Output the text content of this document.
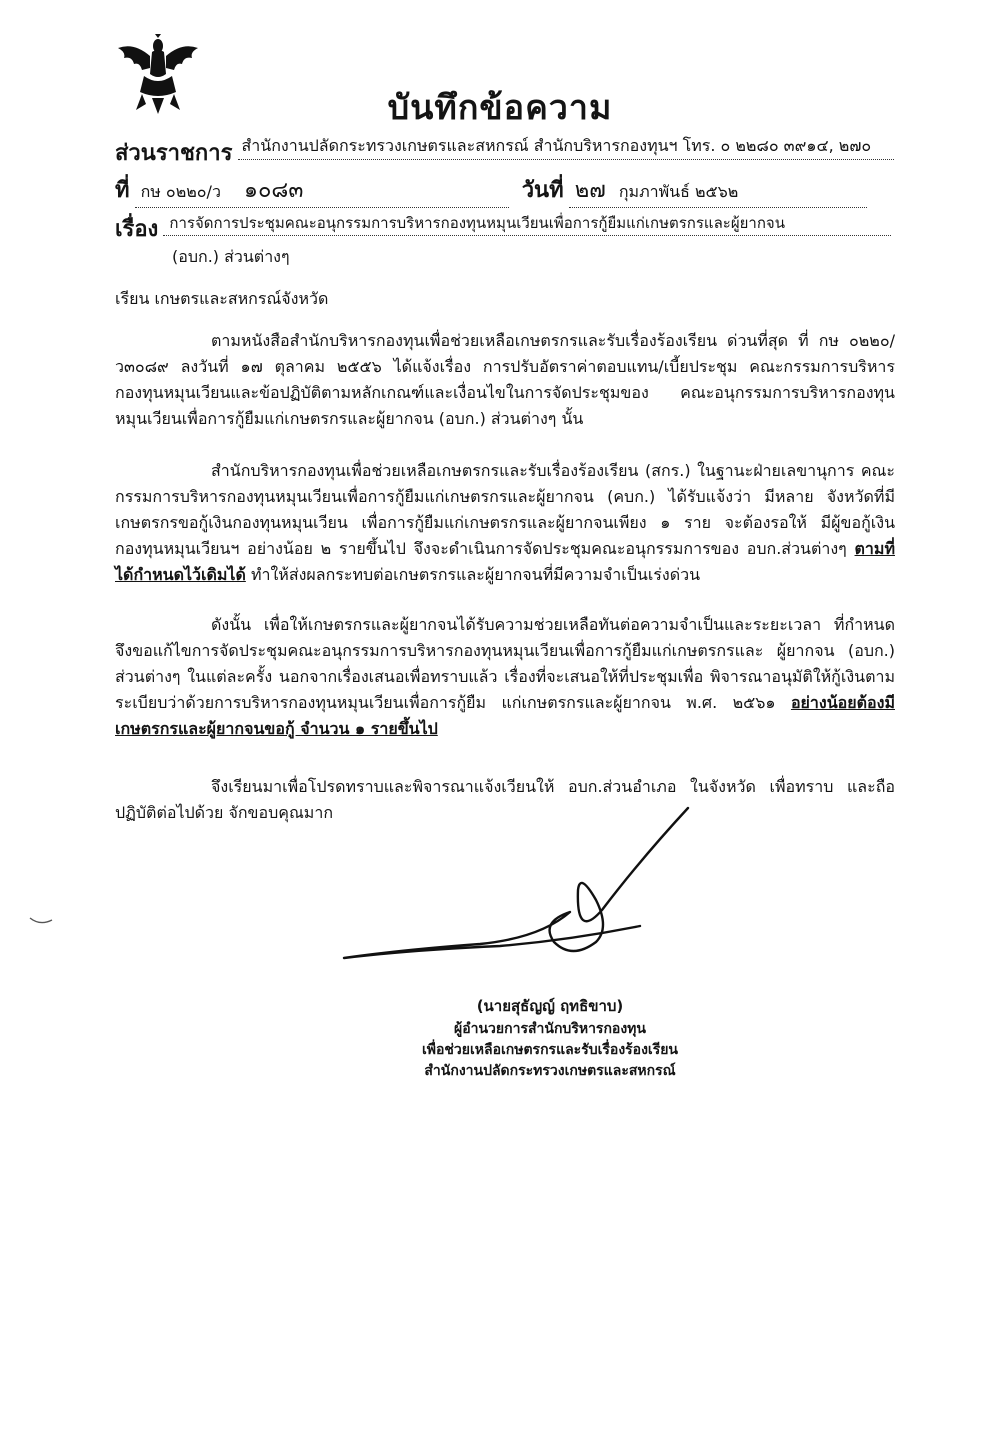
บันทึกข้อความ
ส่วนราชการ สำนักงานปลัดกระทรวงเกษตรและสหกรณ์ สำนักบริหารกองทุนฯ โทร. ๐ ๒๒๘๐ ๓๙๑๔, ๒๗๐
ที่ กษ ๐๒๒๐/ว ๑๐๘๓	วันที่ ๒๗ กุมภาพันธ์ ๒๕๖๒
เรื่อง การจัดการประชุมคณะอนุกรรมการบริหารกองทุนหมุนเวียนเพื่อการกู้ยืมแก่เกษตรกรและผู้ยากจน
(อบก.) ส่วนต่างๆ
เรียน เกษตรและสหกรณ์จังหวัด
ตามหนังสือสำนักบริหารกองทุนเพื่อช่วยเหลือเกษตรกรและรับเรื่องร้องเรียน ด่วนที่สุด ที่ กษ ๐๒๒๐/ว๓๐๘๙ ลงวันที่ ๑๗ ตุลาคม ๒๕๕๖ ได้แจ้งเรื่อง การปรับอัตราค่าตอบแทน/เบี้ยประชุม คณะกรรมการบริหารกองทุนหมุนเวียนและข้อปฏิบัติตามหลักเกณฑ์และเงื่อนไขในการจัดประชุมของ คณะอนุกรรมการบริหารกองทุนหมุนเวียนเพื่อการกู้ยืมแก่เกษตรกรและผู้ยากจน (อบก.) ส่วนต่างๆ นั้น
สำนักบริหารกองทุนเพื่อช่วยเหลือเกษตรกรและรับเรื่องร้องเรียน (สกร.) ในฐานะฝ่ายเลขานุการ คณะกรรมการบริหารกองทุนหมุนเวียนเพื่อการกู้ยืมแก่เกษตรกรและผู้ยากจน (คบก.) ได้รับแจ้งว่า มีหลาย จังหวัดที่มีเกษตรกรขอกู้เงินกองทุนหมุนเวียน เพื่อการกู้ยืมแก่เกษตรกรและผู้ยากจนเพียง ๑ ราย จะต้องรอให้ มีผู้ขอกู้เงินกองทุนหมุนเวียนฯ อย่างน้อย ๒ รายขึ้นไป จึงจะดำเนินการจัดประชุมคณะอนุกรรมการของ อบก.ส่วนต่างๆ ตามที่ได้กำหนดไว้เดิมได้ ทำให้ส่งผลกระทบต่อเกษตรกรและผู้ยากจนที่มีความจำเป็นเร่งด่วน
ดังนั้น เพื่อให้เกษตรกรและผู้ยากจนได้รับความช่วยเหลือทันต่อความจำเป็นและระยะเวลา ที่กำหนด จึงขอแก้ไขการจัดประชุมคณะอนุกรรมการบริหารกองทุนหมุนเวียนเพื่อการกู้ยืมแก่เกษตรกรและ ผู้ยากจน (อบก.) ส่วนต่างๆ ในแต่ละครั้ง นอกจากเรื่องเสนอเพื่อทราบแล้ว เรื่องที่จะเสนอให้ที่ประชุมเพื่อ พิจารณาอนุมัติให้กู้เงินตามระเบียบว่าด้วยการบริหารกองทุนหมุนเวียนเพื่อการกู้ยืม แก่เกษตรกรและผู้ยากจน พ.ศ. ๒๕๖๑ อย่างน้อยต้องมีเกษตรกรและผู้ยากจนขอกู้ จำนวน ๑ รายขึ้นไป
จึงเรียนมาเพื่อโปรดทราบและพิจารณาแจ้งเวียนให้ อบก.ส่วนอำเภอ ในจังหวัด เพื่อทราบ และถือปฏิบัติต่อไปด้วย จักขอบคุณมาก
(นายสุธัญญ์ ฤทธิขาบ)
ผู้อำนวยการสำนักบริหารกองทุน
เพื่อช่วยเหลือเกษตรกรและรับเรื่องร้องเรียน
สำนักงานปลัดกระทรวงเกษตรและสหกรณ์
